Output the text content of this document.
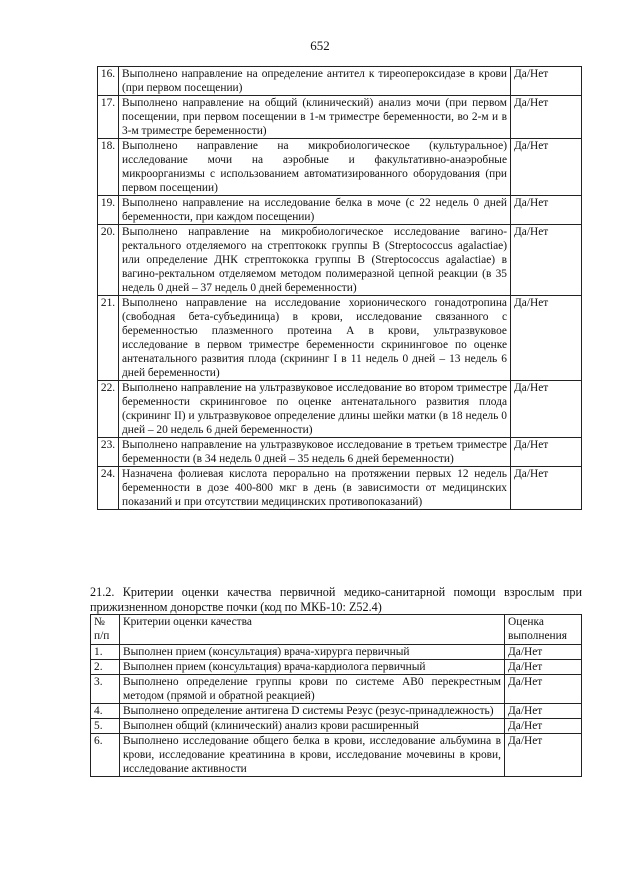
652
16.	Выполнено направление на определение антител к тиреопероксидазе в крови (при первом посещении)	Да/Нет
17.	Выполнено направление на общий (клинический) анализ мочи (при первом посещении, при первом посещении в 1-м триместре беременности, во 2-м и в 3-м триместре беременности)	Да/Нет
18.	Выполнено направление на микробиологическое (культуральное) исследование мочи на аэробные и факультативно-анаэробные микроорганизмы с использованием автоматизированного оборудования (при первом посещении)	Да/Нет
19.	Выполнено направление на исследование белка в моче (с 22 недель 0 дней беременности, при каждом посещении)	Да/Нет
20.	Выполнено направление на микробиологическое исследование вагино-ректального отделяемого на стрептококк группы В (Streptococcus agalactiae) или определение ДНК стрептококка группы В (Streptococcus agalactiae) в вагино-ректальном отделяемом методом полимеразной цепной реакции (в 35 недель 0 дней – 37 недель 0 дней беременности)	Да/Нет
21.	Выполнено направление на исследование хорионического гонадотропина (свободная бета-субъединица) в крови, исследование связанного с беременностью плазменного протеина А в крови, ультразвуковое исследование в первом триместре беременности скрининговое по оценке антенатального развития плода (скрининг I в 11 недель 0 дней – 13 недель 6 дней беременности)	Да/Нет
22.	Выполнено направление на ультразвуковое исследование во втором триместре беременности скрининговое по оценке антенатального развития плода (скрининг II) и ультразвуковое определение длины шейки матки (в 18 недель 0 дней – 20 недель 6 дней беременности)	Да/Нет
23.	Выполнено направление на ультразвуковое исследование в третьем триместре беременности (в 34 недель 0 дней – 35 недель 6 дней беременности)	Да/Нет
24.	Назначена фолиевая кислота перорально на протяжении первых 12 недель беременности в дозе 400-800 мкг в день (в зависимости от медицинских показаний и при отсутствии медицинских противопоказаний)	Да/Нет
21.2. Критерии оценки качества первичной медико-санитарной помощи взрослым при прижизненном донорстве почки (код по МКБ-10: Z52.4)
№ п/п	Критерии оценки качества	Оценка выполнения
1.	Выполнен прием (консультация) врача-хирурга первичный	Да/Нет
2.	Выполнен прием (консультация) врача-кардиолога первичный	Да/Нет
3.	Выполнено определение группы крови по системе AB0 перекрестным методом (прямой и обратной реакцией)	Да/Нет
4.	Выполнено определение антигена D системы Резус (резус-принадлежность)	Да/Нет
5.	Выполнен общий (клинический) анализ крови расширенный	Да/Нет
6.	Выполнено исследование общего белка в крови, исследование альбумина в крови, исследование креатинина в крови, исследование мочевины в крови, исследование активности	Да/Нет
